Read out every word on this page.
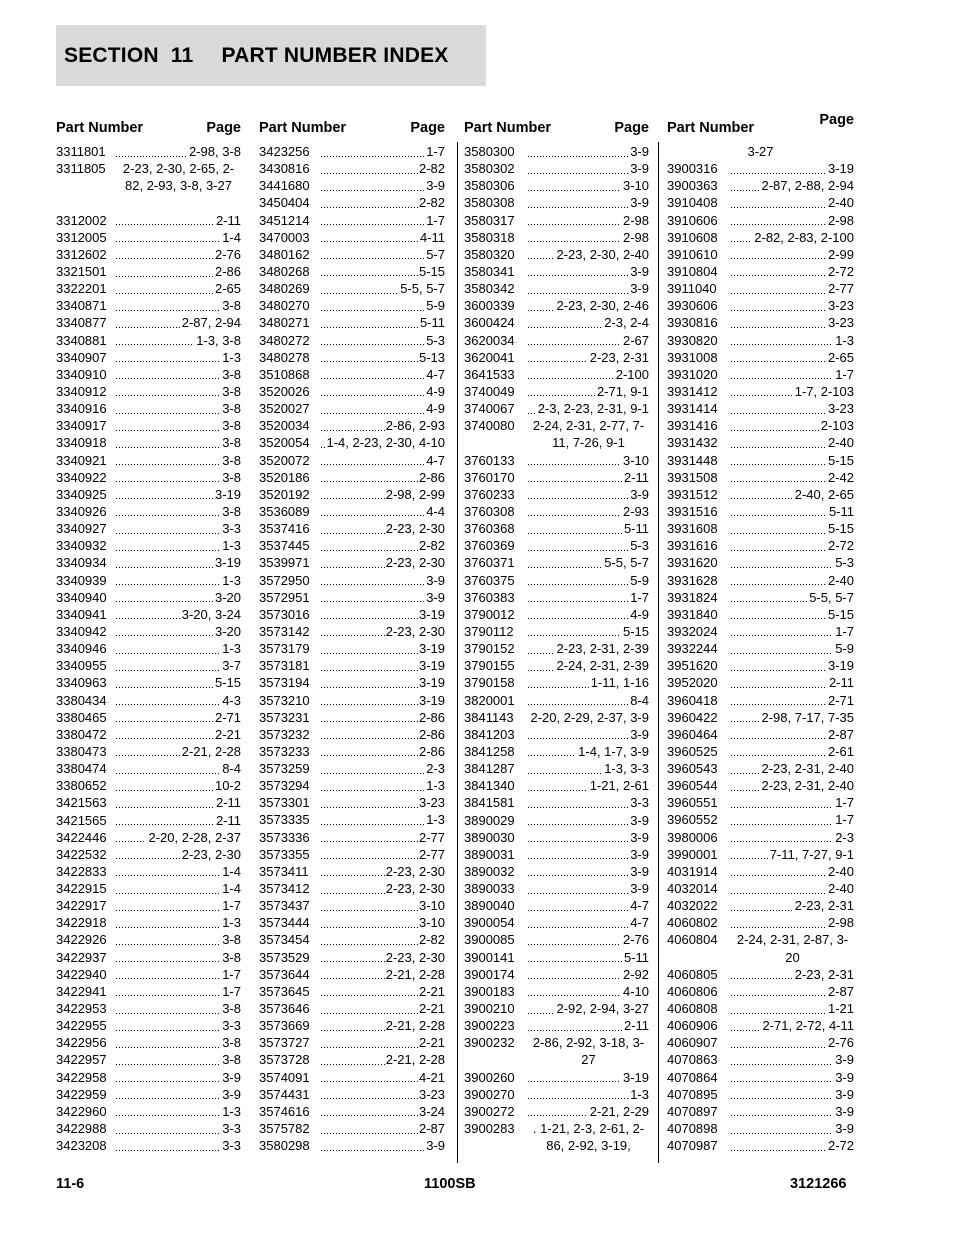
SECTION  11 PART NUMBER INDEX
Part Number	Page
3311801	2-98, 3-8
3311805	2-23, 2-30, 2-65, 2-82, 2-93, 3-8, 3-27
3312002	2-11
3312005	1-4
3312602	2-76
3321501	2-86
3322201	2-65
3340871	3-8
3340877	2-87, 2-94
3340881	1-3, 3-8
3340907	1-3
3340910	3-8
3340912	3-8
3340916	3-8
3340917	3-8
3340918	3-8
3340921	3-8
3340922	3-8
3340925	3-19
3340926	3-8
3340927	3-3
3340932	1-3
3340934	3-19
3340939	1-3
3340940	3-20
3340941	3-20, 3-24
3340942	3-20
3340946	1-3
3340955	3-7
3340963	5-15
3380434	4-3
3380465	2-71
3380472	2-21
3380473	2-21, 2-28
3380474	8-4
3380652	10-2
3421563	2-11
3421565	2-11
3422446	2-20, 2-28, 2-37
3422532	2-23, 2-30
3422833	1-4
3422915	1-4
3422917	1-7
3422918	1-3
3422926	3-8
3422937	3-8
3422940	1-7
3422941	1-7
3422953	3-8
3422955	3-3
3422956	3-8
3422957	3-8
3422958	3-9
3422959	3-9
3422960	1-3
3422988	3-3
3423208	3-3
Part Number	Page
3423256	1-7
3430816	2-82
3441680	3-9
3450404	2-82
3451214	1-7
3470003	4-11
3480162	5-7
3480268	5-15
3480269	5-5, 5-7
3480270	5-9
3480271	5-11
3480272	5-3
3480278	5-13
3510868	4-7
3520026	4-9
3520027	4-9
3520034	2-86, 2-93
3520054	1-4, 2-23, 2-30, 4-10
3520072	4-7
3520186	2-86
3520192	2-98, 2-99
3536089	4-4
3537416	2-23, 2-30
3537445	2-82
3539971	2-23, 2-30
3572950	3-9
3572951	3-9
3573016	3-19
3573142	2-23, 2-30
3573179	3-19
3573181	3-19
3573194	3-19
3573210	3-19
3573231	2-86
3573232	2-86
3573233	2-86
3573259	2-3
3573294	1-3
3573301	3-23
3573335	1-3
3573336	2-77
3573355	2-77
3573411	2-23, 2-30
3573412	2-23, 2-30
3573437	3-10
3573444	3-10
3573454	2-82
3573529	2-23, 2-30
3573644	2-21, 2-28
3573645	2-21
3573646	2-21
3573669	2-21, 2-28
3573727	2-21
3573728	2-21, 2-28
3574091	4-21
3574431	3-23
3574616	3-24
3575782	2-87
3580298	3-9
Part Number	Page
3580300	3-9
3580302	3-9
3580306	3-10
3580308	3-9
3580317	2-98
3580318	2-98
3580320	2-23, 2-30, 2-40
3580341	3-9
3580342	3-9
3600339	2-23, 2-30, 2-46
3600424	2-3, 2-4
3620034	2-67
3620041	2-23, 2-31
3641533	2-100
3740049	2-71, 9-1
3740067	2-3, 2-23, 2-31, 9-1
3740080	2-24, 2-31, 2-77, 7-11, 7-26, 9-1
3760133	3-10
3760170	2-11
3760233	3-9
3760308	2-93
3760368	5-11
3760369	5-3
3760371	5-5, 5-7
3760375	5-9
3760383	1-7
3790012	4-9
3790112	5-15
3790152	2-23, 2-31, 2-39
3790155	2-24, 2-31, 2-39
3790158	1-11, 1-16
3820001	8-4
3841143	2-20, 2-29, 2-37, 3-9
3841203	3-9
3841258	1-4, 1-7, 3-9
3841287	1-3, 3-3
3841340	1-21, 2-61
3841581	3-3
3890029	3-9
3890030	3-9
3890031	3-9
3890032	3-9
3890033	3-9
3890040	4-7
3900054	4-7
3900085	2-76
3900141	5-11
3900174	2-92
3900183	4-10
3900210	2-92, 2-94, 3-27
3900223	2-11
3900232	2-86, 2-92, 3-18, 3-27
3900260	3-19
3900270	1-3
3900272	2-21, 2-29
3900283	. 1-21, 2-3, 2-61, 2-86, 2-92, 3-19,
Part Number	Page
3-27
3900316	3-19
3900363	2-87, 2-88, 2-94
3910408	2-40
3910606	2-98
3910608	2-82, 2-83, 2-100
3910610	2-99
3910804	2-72
3911040	2-77
3930606	3-23
3930816	3-23
3930820	1-3
3931008	2-65
3931020	1-7
3931412	1-7, 2-103
3931414	3-23
3931416	2-103
3931432	2-40
3931448	5-15
3931508	2-42
3931512	2-40, 2-65
3931516	5-11
3931608	5-15
3931616	2-72
3931620	5-3
3931628	2-40
3931824	5-5, 5-7
3931840	5-15
3932024	1-7
3932244	5-9
3951620	3-19
3952020	2-11
3960418	2-71
3960422	2-98, 7-17, 7-35
3960464	2-87
3960525	2-61
3960543	2-23, 2-31, 2-40
3960544	2-23, 2-31, 2-40
3960551	1-7
3960552	1-7
3980006	2-3
3990001	7-11, 7-27, 9-1
4031914	2-40
4032014	2-40
4032022	2-23, 2-31
4060802	2-98
4060804	2-24, 2-31, 2-87, 3-20
4060805	2-23, 2-31
4060806	2-87
4060808	1-21
4060906	2-71, 2-72, 4-11
4060907	2-76
4070863	3-9
4070864	3-9
4070895	3-9
4070897	3-9
4070898	3-9
4070987	2-72
11-6	1100SB	3121266
